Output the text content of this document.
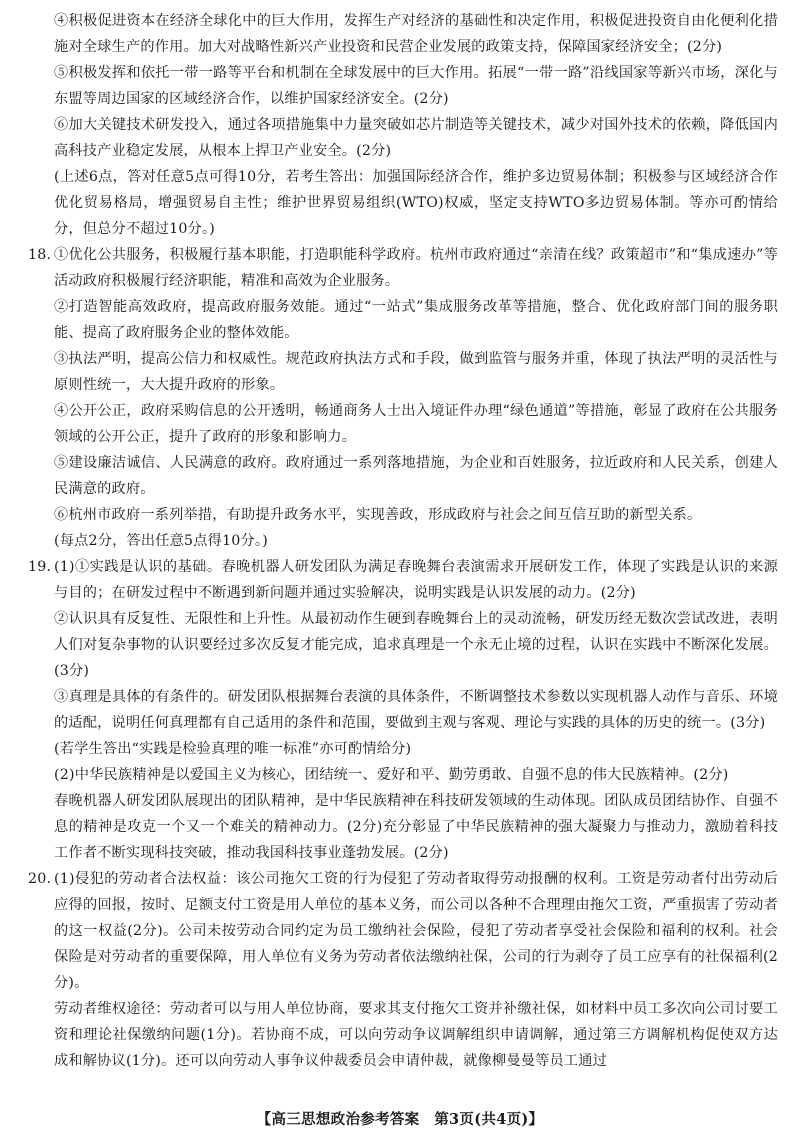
④积极促进资本在经济全球化中的巨大作用，发挥生产对经济的基础性和决定作用，积极促进投资自由化便利化措施对全球生产的作用。加大对战略性新兴产业投资和民营企业发展的政策支持，保障国家经济安全；(2分)

⑤积极发挥和依托一带一路等平台和机制在全球发展中的巨大作用。拓展“一带一路”沿线国家等新兴市场，深化与东盟等周边国家的区域经济合作，以维护国家经济安全。(2分)

⑥加大关键技术研发投入，通过各项措施集中力量突破如芯片制造等关键技术，减少对国外技术的依赖，降低国内高科技产业稳定发展，从根本上捍卫产业安全。(2分)

(上述6点，答对任意5点可得10分，若考生答出：加强国际经济合作，维护多边贸易体制；积极参与区域经济合作优化贸易格局，增强贸易自主性；维护世界贸易组织(WTO)权威，坚定支持WTO多边贸易体制。等亦可酌情给分，但总分不超过10分。)

18. ①优化公共服务，积极履行基本职能，打造职能科学政府。杭州市政府通过“亲清在线？政策超市”和“集成速办”等活动政府积极履行经济职能，精准和高效为企业服务。

②打造智能高效政府，提高政府服务效能。通过“一站式”集成服务改革等措施，整合、优化政府部门间的服务职能、提高了政府服务企业的整体效能。

③执法严明，提高公信力和权威性。规范政府执法方式和手段，做到监管与服务并重，体现了执法严明的灵活性与原则性统一，大大提升政府的形象。

④公开公正，政府采购信息的公开透明，畅通商务人士出入境证件办理“绿色通道”等措施，彰显了政府在公共服务领域的公开公正，提升了政府的形象和影响力。

⑤建设廉洁诚信、人民满意的政府。政府通过一系列落地措施，为企业和百姓服务，拉近政府和人民关系，创建人民满意的政府。

⑥杭州市政府一系列举措，有助提升政务水平，实现善政，形成政府与社会之间互信互助的新型关系。

(每点2分，答出任意5点得10分。)

19. (1)①实践是认识的基础。春晚机器人研发团队为满足春晚舞台表演需求开展研发工作，体现了实践是认识的来源与目的；在研发过程中不断遇到新问题并通过实验解决，说明实践是认识发展的动力。(2分)

②认识具有反复性、无限性和上升性。从最初动作生硬到春晚舞台上的灵动流畅，研发历经无数次尝试改进，表明人们对复杂事物的认识要经过多次反复才能完成，追求真理是一个永无止境的过程，认识在实践中不断深化发展。(3分)

③真理是具体的有条件的。研发团队根据舞台表演的具体条件，不断调整技术参数以实现机器人动作与音乐、环境的适配，说明任何真理都有自己适用的条件和范围，要做到主观与客观、理论与实践的具体的历史的统一。(3分)

(若学生答出“实践是检验真理的唯一标准”亦可酌情给分)

(2)中华民族精神是以爱国主义为核心，团结统一、爱好和平、勤劳勇敢、自强不息的伟大民族精神。(2分)

春晚机器人研发团队展现出的团队精神，是中华民族精神在科技研发领域的生动体现。团队成员团结协作、自强不息的精神是攻克一个又一个难关的精神动力。(2分)充分彰显了中华民族精神的强大凝聚力与推动力，激励着科技工作者不断实现科技突破，推动我国科技事业蓬勃发展。(2分)

20. (1)侵犯的劳动者合法权益：该公司拖欠工资的行为侵犯了劳动者取得劳动报酬的权利。工资是劳动者付出劳动后应得的回报，按时、足额支付工资是用人单位的基本义务，而公司以各种不合理理由拖欠工资，严重损害了劳动者的这一权益(2分)。公司未按劳动合同约定为员工缴纳社会保险，侵犯了劳动者享受社会保险和福利的权利。社会保险是对劳动者的重要保障，用人单位有义务为劳动者依法缴纳社保，公司的行为剥夺了员工应享有的社保福利(2分)。

劳动者维权途径：劳动者可以与用人单位协商，要求其支付拖欠工资并补缴社保，如材料中员工多次向公司讨要工资和理论社保缴纳问题(1分)。若协商不成，可以向劳动争议调解组织申请调解，通过第三方调解机构促使双方达成和解协议(1分)。还可以向劳动人事争议仲裁委员会申请仲裁，就像柳曼曼等员工通过

【高三思想政治参考答案　第3页(共4页)】
